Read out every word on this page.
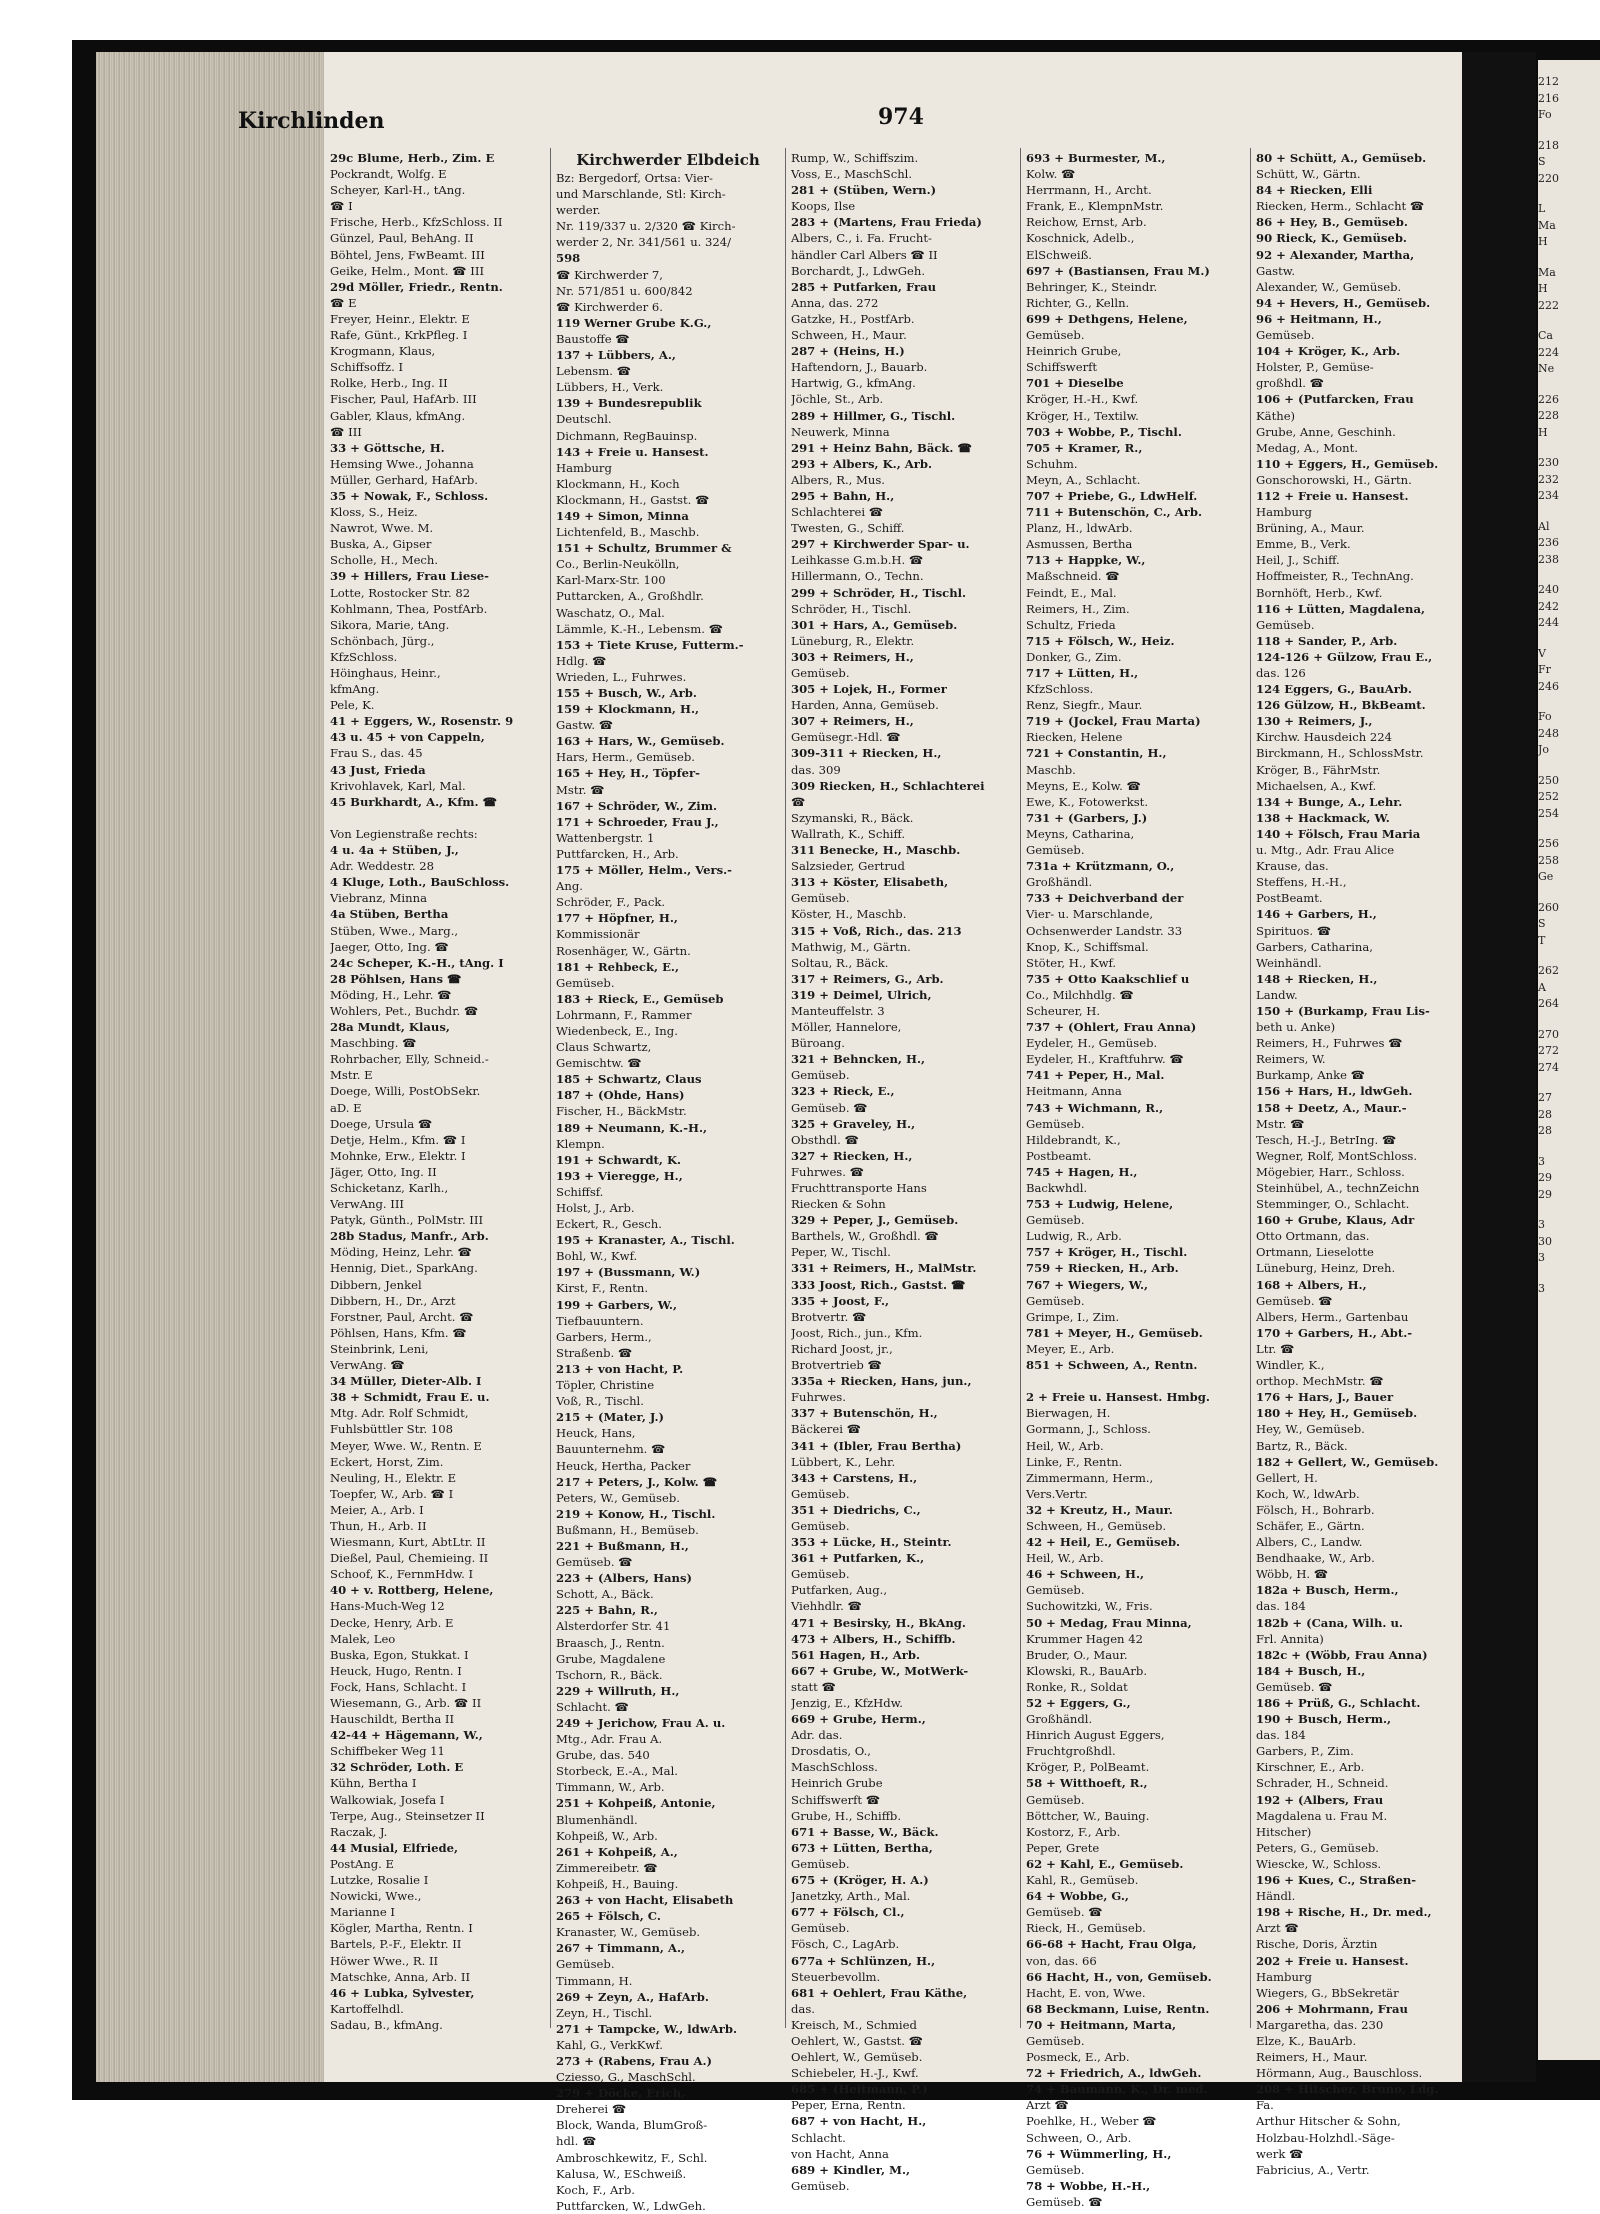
Kirchlinden	974
29c Blume, Herb., Zim. E
Pockrandt, Wolfg. E
Scheyer, Karl-H., tAng.
☎ I
Frische, Herb., KfzSchloss. II
Günzel, Paul, BehAng. II
Böhtel, Jens, FwBeamt. III
Geike, Helm., Mont. ☎ III
29d Möller, Friedr., Rentn.
☎ E
Freyer, Heinr., Elektr. E
Rafe, Günt., KrkPfleg. I
Krogmann, Klaus,
Schiffsoffz. I
Rolke, Herb., Ing. II
Fischer, Paul, HafArb. III
Gabler, Klaus, kfmAng.
☎ III
33 + Göttsche, H.
Hemsing Wwe., Johanna
Müller, Gerhard, HafArb.
35 + Nowak, F., Schloss.
Kloss, S., Heiz.
Nawrot, Wwe. M.
Buska, A., Gipser
Scholle, H., Mech.
39 + Hillers, Frau Liese-
Lotte, Rostocker Str. 82
Kohlmann, Thea, PostfArb.
Sikora, Marie, tAng.
Schönbach, Jürg.,
KfzSchloss.
Höinghaus, Heinr.,
kfmAng.
Pele, K.
41 + Eggers, W., Rosenstr. 9
43 u. 45 + von Cappeln,
Frau S., das. 45
43 Just, Frieda
Krivohlavek, Karl, Mal.
45 Burkhardt, A., Kfm. ☎

Von Legienstraße rechts:
4 u. 4a + Stüben, J.,
Adr. Weddestr. 28
4 Kluge, Loth., BauSchloss.
Viebranz, Minna
4a Stüben, Bertha
Stüben, Wwe., Marg.,
Jaeger, Otto, Ing. ☎
24c Scheper, K.-H., tAng. I
28 Pöhlsen, Hans ☎
Möding, H., Lehr. ☎
Wohlers, Pet., Buchdr. ☎
28a Mundt, Klaus,
Maschbing. ☎
Rohrbacher, Elly, Schneid.-
Mstr. E
Doege, Willi, PostObSekr.
aD. E
Doege, Ursula ☎
Detje, Helm., Kfm. ☎ I
Mohnke, Erw., Elektr. I
Jäger, Otto, Ing. II
Schicketanz, Karlh.,
VerwAng. III
Patyk, Günth., PolMstr. III
28b Stadus, Manfr., Arb.
Möding, Heinz, Lehr. ☎
Hennig, Diet., SparkAng.
Dibbern, Jenkel
Dibbern, H., Dr., Arzt
Forstner, Paul, Archt. ☎
Pöhlsen, Hans, Kfm. ☎
Steinbrink, Leni,
VerwAng. ☎
34 Müller, Dieter-Alb. I
38 + Schmidt, Frau E. u.
Mtg. Adr. Rolf Schmidt,
Fuhlsbüttler Str. 108
Meyer, Wwe. W., Rentn. E
Eckert, Horst, Zim.
Neuling, H., Elektr. E
Toepfer, W., Arb. ☎ I
Meier, A., Arb. I
Thun, H., Arb. II
Wiesmann, Kurt, AbtLtr. II
Dießel, Paul, Chemieing. II
Schoof, K., FernmHdw. I
40 + v. Rottberg, Helene,
Hans-Much-Weg 12
Decke, Henry, Arb. E
Malek, Leo
Buska, Egon, Stukkat. I
Heuck, Hugo, Rentn. I
Fock, Hans, Schlacht. I
Wiesemann, G., Arb. ☎ II
Hauschildt, Bertha II
42-44 + Hägemann, W.,
Schiffbeker Weg 11
32 Schröder, Loth. E
Kühn, Bertha I
Walkowiak, Josefa I
Terpe, Aug., Steinsetzer II
Raczak, J.
44 Musial, Elfriede,
PostAng. E
Lutzke, Rosalie I
Nowicki, Wwe.,
Marianne I
Kögler, Martha, Rentn. I
Bartels, P.-F., Elektr. II
Höwer Wwe., R. II
Matschke, Anna, Arb. II
46 + Lubka, Sylvester,
Kartoffelhdl.
Sadau, B., kfmAng.
Kirchwerder Elbdeich
Bz: Bergedorf, Ortsa: Vier-
und Marschlande, Stl: Kirch-
werder.
Nr. 119/337 u. 2/320 ☎ Kirch-
werder 2, Nr. 341/561 u. 324/
598
☎ Kirchwerder 7,
Nr. 571/851 u. 600/842
☎ Kirchwerder 6.
119 Werner Grube K.G.,
Baustoffe ☎
137 + Lübbers, A.,
Lebensm. ☎
Lübbers, H., Verk.
139 + Bundesrepublik
Deutschl.
Dichmann, RegBauinsp.
143 + Freie u. Hansest.
Hamburg
Klockmann, H., Koch
Klockmann, H., Gastst. ☎
149 + Simon, Minna
Lichtenfeld, B., Maschb.
151 + Schultz, Brummer &
Co., Berlin-Neukölln,
Karl-Marx-Str. 100
Puttarcken, A., Großhdlr.
Waschatz, O., Mal.
Lämmle, K.-H., Lebensm. ☎
153 + Tiete Kruse, Futterm.-
Hdlg. ☎
Wrieden, L., Fuhrwes.
155 + Busch, W., Arb.
159 + Klockmann, H.,
Gastw. ☎
163 + Hars, W., Gemüseb.
Hars, Herm., Gemüseb.
165 + Hey, H., Töpfer-
Mstr. ☎
167 + Schröder, W., Zim.
171 + Schroeder, Frau J.,
Wattenbergstr. 1
Puttfarcken, H., Arb.
175 + Möller, Helm., Vers.-
Ang.
Schröder, F., Pack.
177 + Höpfner, H.,
Kommissionär
Rosenhäger, W., Gärtn.
181 + Rehbeck, E.,
Gemüseb.
183 + Rieck, E., Gemüseb
Lohrmann, F., Rammer
Wiedenbeck, E., Ing.
Claus Schwartz,
Gemischtw. ☎
185 + Schwartz, Claus
187 + (Ohde, Hans)
Fischer, H., BäckMstr.
189 + Neumann, K.-H.,
Klempn.
191 + Schwardt, K.
193 + Vieregge, H.,
Schiffsf.
Holst, J., Arb.
Eckert, R., Gesch.
195 + Kranaster, A., Tischl.
Bohl, W., Kwf.
197 + (Bussmann, W.)
Kirst, F., Rentn.
199 + Garbers, W.,
Tiefbauuntern.
Garbers, Herm.,
Straßenb. ☎
213 + von Hacht, P.
Töpler, Christine
Voß, R., Tischl.
215 + (Mater, J.)
Heuck, Hans,
Bauunternehm. ☎
Heuck, Hertha, Packer
217 + Peters, J., Kolw. ☎
Peters, W., Gemüseb.
219 + Konow, H., Tischl.
Bußmann, H., Bemüseb.
221 + Bußmann, H.,
Gemüseb. ☎
223 + (Albers, Hans)
Schott, A., Bäck.
225 + Bahn, R.,
Alsterdorfer Str. 41
Braasch, J., Rentn.
Grube, Magdalene
Tschorn, R., Bäck.
229 + Willruth, H.,
Schlacht. ☎
249 + Jerichow, Frau A. u.
Mtg., Adr. Frau A.
Grube, das. 540
Storbeck, E.-A., Mal.
Timmann, W., Arb.
251 + Kohpeiß, Antonie,
Blumenhändl.
Kohpeiß, W., Arb.
261 + Kohpeiß, A.,
Zimmereibetr. ☎
Kohpeiß, H., Bauing.
263 + von Hacht, Elisabeth
265 + Fölsch, C.
Kranaster, W., Gemüseb.
267 + Timmann, A.,
Gemüseb.
Timmann, H.
269 + Zeyn, A., HafArb.
Zeyn, H., Tischl.
271 + Tampcke, W., ldwArb.
Kahl, G., VerkKwf.
273 + (Rabens, Frau A.)
Cziesso, G., MaschSchl.
279 + Döcke, Erich,
Dreherei ☎
Block, Wanda, BlumGroß-
hdl. ☎
Ambroschkewitz, F., Schl.
Kalusa, W., ESchweiß.
Koch, F., Arb.
Puttfarcken, W., LdwGeh.
Rump, W., Schiffszim.
Voss, E., MaschSchl.
281 + (Stüben, Wern.)
Koops, Ilse
283 + (Martens, Frau Frieda)
Albers, C., i. Fa. Frucht-
händler Carl Albers ☎ II
Borchardt, J., LdwGeh.
285 + Putfarken, Frau
Anna, das. 272
Gatzke, H., PostfArb.
Schween, H., Maur.
287 + (Heins, H.)
Haftendorn, J., Bauarb.
Hartwig, G., kfmAng.
Jöchle, St., Arb.
289 + Hillmer, G., Tischl.
Neuwerk, Minna
291 + Heinz Bahn, Bäck. ☎
293 + Albers, K., Arb.
Albers, R., Mus.
295 + Bahn, H.,
Schlachterei ☎
Twesten, G., Schiff.
297 + Kirchwerder Spar- u.
Leihkasse G.m.b.H. ☎
Hillermann, O., Techn.
299 + Schröder, H., Tischl.
Schröder, H., Tischl.
301 + Hars, A., Gemüseb.
Lüneburg, R., Elektr.
303 + Reimers, H.,
Gemüseb.
305 + Lojek, H., Former
Harden, Anna, Gemüseb.
307 + Reimers, H.,
Gemüsegr.-Hdl. ☎
309-311 + Riecken, H.,
das. 309
309 Riecken, H., Schlachterei
☎
Szymanski, R., Bäck.
Wallrath, K., Schiff.
311 Benecke, H., Maschb.
Salzsieder, Gertrud
313 + Köster, Elisabeth,
Gemüseb.
Köster, H., Maschb.
315 + Voß, Rich., das. 213
Mathwig, M., Gärtn.
Soltau, R., Bäck.
317 + Reimers, G., Arb.
319 + Deimel, Ulrich,
Manteuffelstr. 3
Möller, Hannelore,
Büroang.
321 + Behncken, H.,
Gemüseb.
323 + Rieck, E.,
Gemüseb. ☎
325 + Graveley, H.,
Obsthdl. ☎
327 + Riecken, H.,
Fuhrwes. ☎
Fruchttransporte Hans
Riecken & Sohn
329 + Peper, J., Gemüseb.
Barthels, W., Großhdl. ☎
Peper, W., Tischl.
331 + Reimers, H., MalMstr.
333 Joost, Rich., Gastst. ☎
335 + Joost, F.,
Brotvertr. ☎
Joost, Rich., jun., Kfm.
Richard Joost, jr.,
Brotvertrieb ☎
335a + Riecken, Hans, jun.,
Fuhrwes.
337 + Butenschön, H.,
Bäckerei ☎
341 + (Ibler, Frau Bertha)
Lübbert, K., Lehr.
343 + Carstens, H.,
Gemüseb.
351 + Diedrichs, C.,
Gemüseb.
353 + Lücke, H., Steintr.
361 + Putfarken, K.,
Gemüseb.
Putfarken, Aug.,
Viehhdlr. ☎
471 + Besirsky, H., BkAng.
473 + Albers, H., Schiffb.
561 Hagen, H., Arb.
667 + Grube, W., MotWerk-
statt ☎
Jenzig, E., KfzHdw.
669 + Grube, Herm.,
Adr. das.
Drosdatis, O.,
MaschSchloss.
Heinrich Grube
Schiffswerft ☎
Grube, H., Schiffb.
671 + Basse, W., Bäck.
673 + Lütten, Bertha,
Gemüseb.
675 + (Kröger, H. A.)
Janetzky, Arth., Mal.
677 + Fölsch, Cl.,
Gemüseb.
Fösch, C., LagArb.
677a + Schlünzen, H.,
Steuerbevollm.
681 + Oehlert, Frau Käthe,
das.
Kreisch, M., Schmied
Oehlert, W., Gastst. ☎
Oehlert, W., Gemüseb.
Schiebeler, H.-J., Kwf.
685 + (Heitmann, P.)
Peper, Erna, Rentn.
687 + von Hacht, H.,
Schlacht.
von Hacht, Anna
689 + Kindler, M.,
Gemüseb.
693 + Burmester, M.,
Kolw. ☎
Herrmann, H., Archt.
Frank, E., KlempnMstr.
Reichow, Ernst, Arb.
Koschnick, Adelb.,
ElSchweiß.
697 + (Bastiansen, Frau M.)
Behringer, K., Steindr.
Richter, G., Kelln.
699 + Dethgens, Helene,
Gemüseb.
Heinrich Grube,
Schiffswerft
701 + Dieselbe
Kröger, H.-H., Kwf.
Kröger, H., Textilw.
703 + Wobbe, P., Tischl.
705 + Kramer, R.,
Schuhm.
Meyn, A., Schlacht.
707 + Priebe, G., LdwHelf.
711 + Butenschön, C., Arb.
Planz, H., ldwArb.
Asmussen, Bertha
713 + Happke, W.,
Maßschneid. ☎
Feindt, E., Mal.
Reimers, H., Zim.
Schultz, Frieda
715 + Fölsch, W., Heiz.
Donker, G., Zim.
717 + Lütten, H.,
KfzSchloss.
Renz, Siegfr., Maur.
719 + (Jockel, Frau Marta)
Riecken, Helene
721 + Constantin, H.,
Maschb.
Meyns, E., Kolw. ☎
Ewe, K., Fotowerkst.
731 + (Garbers, J.)
Meyns, Catharina,
Gemüseb.
731a + Krützmann, O.,
Großhändl.
733 + Deichverband der
Vier- u. Marschlande,
Ochsenwerder Landstr. 33
Knop, K., Schiffsmal.
Stöter, H., Kwf.
735 + Otto Kaakschlief u
Co., Milchhdlg. ☎
Scheurer, H.
737 + (Ohlert, Frau Anna)
Eydeler, H., Gemüseb.
Eydeler, H., Kraftfuhrw. ☎
741 + Peper, H., Mal.
Heitmann, Anna
743 + Wichmann, R.,
Gemüseb.
Hildebrandt, K.,
Postbeamt.
745 + Hagen, H.,
Backwhdl.
753 + Ludwig, Helene,
Gemüseb.
Ludwig, R., Arb.
757 + Kröger, H., Tischl.
759 + Riecken, H., Arb.
767 + Wiegers, W.,
Gemüseb.
Grimpe, I., Zim.
781 + Meyer, H., Gemüseb.
Meyer, E., Arb.
851 + Schween, A., Rentn.

2 + Freie u. Hansest. Hmbg.
Bierwagen, H.
Gormann, J., Schloss.
Heil, W., Arb.
Linke, F., Rentn.
Zimmermann, Herm.,
Vers.Vertr.
32 + Kreutz, H., Maur.
Schween, H., Gemüseb.
42 + Heil, E., Gemüseb.
Heil, W., Arb.
46 + Schween, H.,
Gemüseb.
Suchowitzki, W., Fris.
50 + Medag, Frau Minna,
Krummer Hagen 42
Bruder, O., Maur.
Klowski, R., BauArb.
Ronke, R., Soldat
52 + Eggers, G.,
Großhändl.
Hinrich August Eggers,
Fruchtgroßhdl.
Kröger, P., PolBeamt.
58 + Witthoeft, R.,
Gemüseb.
Böttcher, W., Bauing.
Kostorz, F., Arb.
Peper, Grete
62 + Kahl, E., Gemüseb.
Kahl, R., Gemüseb.
64 + Wobbe, G.,
Gemüseb. ☎
Rieck, H., Gemüseb.
66-68 + Hacht, Frau Olga,
von, das. 66
66 Hacht, H., von, Gemüseb.
Hacht, E. von, Wwe.
68 Beckmann, Luise, Rentn.
70 + Heitmann, Marta,
Gemüseb.
Posmeck, E., Arb.
72 + Friedrich, A., ldwGeh.
74 + Baumann, K., Dr. med.
Arzt ☎
Poehlke, H., Weber ☎
Schween, O., Arb.
76 + Wümmerling, H.,
Gemüseb.
78 + Wobbe, H.-H.,
Gemüseb. ☎
80 + Schütt, A., Gemüseb.
Schütt, W., Gärtn.
84 + Riecken, Elli
Riecken, Herm., Schlacht ☎
86 + Hey, B., Gemüseb.
90 Rieck, K., Gemüseb.
92 + Alexander, Martha,
Gastw.
Alexander, W., Gemüseb.
94 + Hevers, H., Gemüseb.
96 + Heitmann, H.,
Gemüseb.
104 + Kröger, K., Arb.
Holster, P., Gemüse-
großhdl. ☎
106 + (Putfarcken, Frau
Käthe)
Grube, Anne, Geschinh.
Medag, A., Mont.
110 + Eggers, H., Gemüseb.
Gonschorowski, H., Gärtn.
112 + Freie u. Hansest.
Hamburg
Brüning, A., Maur.
Emme, B., Verk.
Heil, J., Schiff.
Hoffmeister, R., TechnAng.
Bornhöft, Herb., Kwf.
116 + Lütten, Magdalena,
Gemüseb.
118 + Sander, P., Arb.
124-126 + Gülzow, Frau E.,
das. 126
124 Eggers, G., BauArb.
126 Gülzow, H., BkBeamt.
130 + Reimers, J.,
Kirchw. Hausdeich 224
Birckmann, H., SchlossMstr.
Kröger, B., FährMstr.
Michaelsen, A., Kwf.
134 + Bunge, A., Lehr.
138 + Hackmack, W.
140 + Fölsch, Frau Maria
u. Mtg., Adr. Frau Alice
Krause, das.
Steffens, H.-H.,
PostBeamt.
146 + Garbers, H.,
Spirituos. ☎
Garbers, Catharina,
Weinhändl.
148 + Riecken, H.,
Landw.
150 + (Burkamp, Frau Lis-
beth u. Anke)
Reimers, H., Fuhrwes ☎
Reimers, W.
Burkamp, Anke ☎
156 + Hars, H., ldwGeh.
158 + Deetz, A., Maur.-
Mstr. ☎
Tesch, H.-J., BetrIng. ☎
Wegner, Rolf, MontSchloss.
Mögebier, Harr., Schloss.
Steinhübel, A., technZeichn
Stemminger, O., Schlacht.
160 + Grube, Klaus, Adr
Otto Ortmann, das.
Ortmann, Lieselotte
Lüneburg, Heinz, Dreh.
168 + Albers, H.,
Gemüseb. ☎
Albers, Herm., Gartenbau
170 + Garbers, H., Abt.-
Ltr. ☎
Windler, K.,
orthop. MechMstr. ☎
176 + Hars, J., Bauer
180 + Hey, H., Gemüseb.
Hey, W., Gemüseb.
Bartz, R., Bäck.
182 + Gellert, W., Gemüseb.
Gellert, H.
Koch, W., ldwArb.
Fölsch, H., Bohrarb.
Schäfer, E., Gärtn.
Albers, C., Landw.
Bendhaake, W., Arb.
Wöbb, H. ☎
182a + Busch, Herm.,
das. 184
182b + (Cana, Wilh. u.
Frl. Annita)
182c + (Wöbb, Frau Anna)
184 + Busch, H.,
Gemüseb. ☎
186 + Prüß, G., Schlacht.
190 + Busch, Herm.,
das. 184
Garbers, P., Zim.
Kirschner, E., Arb.
Schrader, H., Schneid.
192 + (Albers, Frau
Magdalena u. Frau M.
Hitscher)
Peters, G., Gemüseb.
Wiescke, W., Schloss.
196 + Kues, C., Straßen-
Händl.
198 + Rische, H., Dr. med.,
Arzt ☎
Rische, Doris, Ärztin
202 + Freie u. Hansest.
Hamburg
Wiegers, G., BbSekretär
206 + Mohrmann, Frau
Margaretha, das. 230
Elze, K., BauArb.
Reimers, H., Maur.
Hörmann, Aug., Bauschloss.
208 + Hitscher, Bruno, Ldg.
Fa.
Arthur Hitscher & Sohn,
Holzbau-Holzhdl.-Säge-
werk ☎
Fabricius, A., Vertr.
212
216
Fo
218
S
220
L
Ma
H
Ma
H
222
Ca
224
Ne
226
228
H
230
232
234
Al
236
238
240
242
244
V
Fr
246
Fo
248
Jo
250
252
254
256
258
Ge
260
S
T
262
A
264
270
272
274
27
28
28
3
29
29
3
30
3
3
